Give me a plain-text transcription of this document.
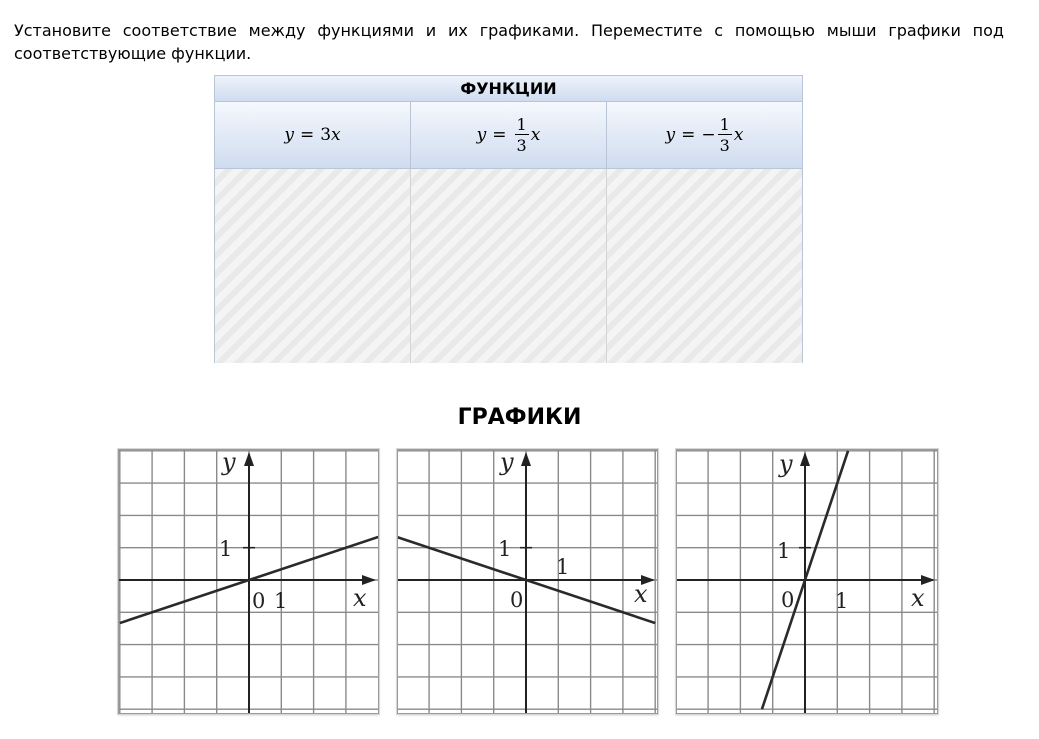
Установите соответствие между функциями и их графиками. Переместите с помощью мыши графики под соответствующие функции.
ФУНКЦИИ
y = 3 x	$y = \frac{1}{3}$ x	y = − $\frac{1}{3}$ x
ГРАФИКИ
y
x
0
1
1
y
x
0
1
1
y
x
0
1
1
